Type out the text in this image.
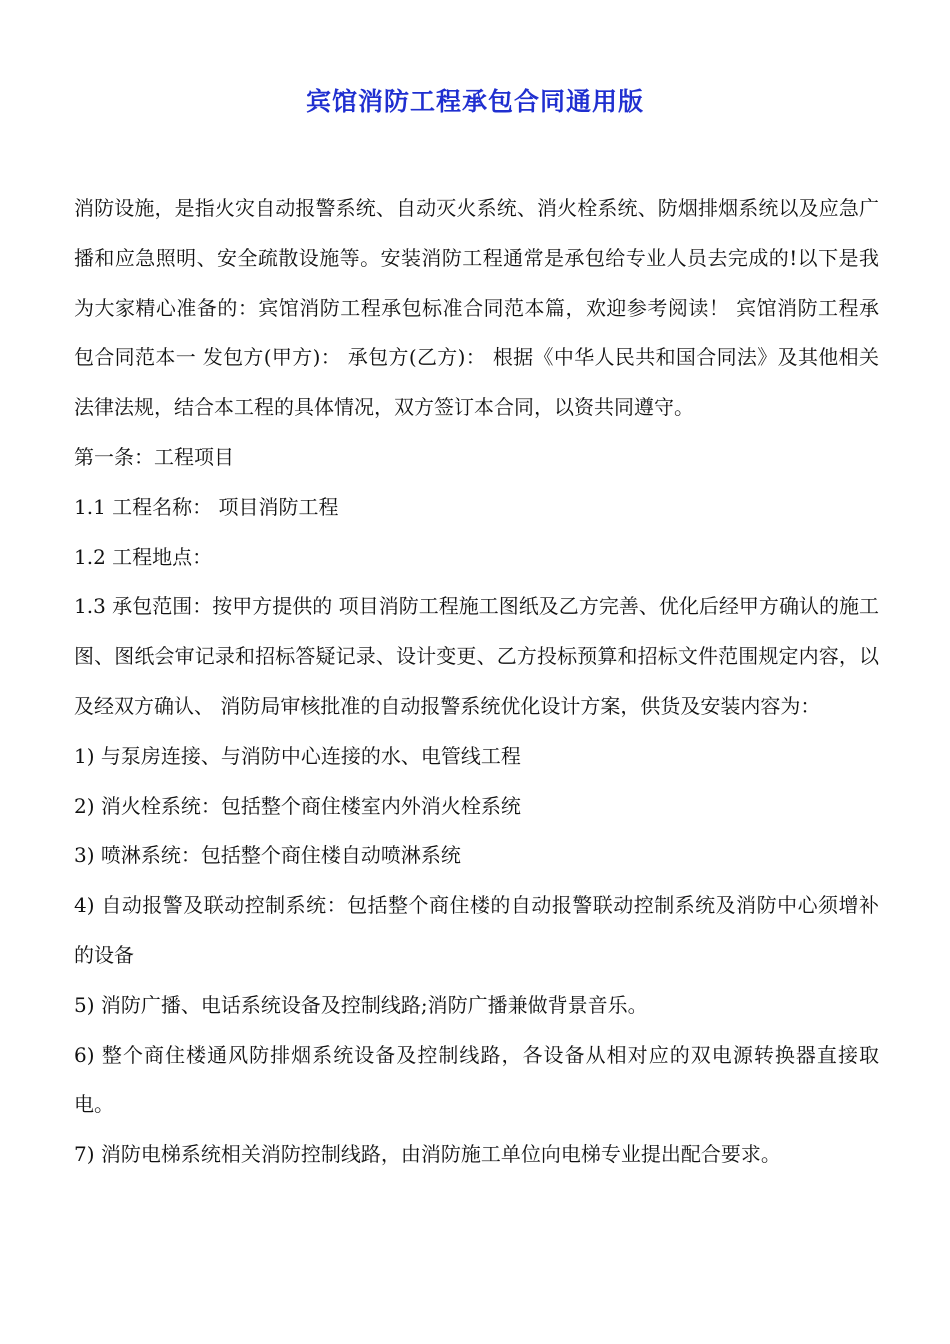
宾馆消防工程承包合同通用版

消防设施，是指火灾自动报警系统、自动灭火系统、消火栓系统、防烟排烟系统以及应急广播和应急照明、安全疏散设施等。安装消防工程通常是承包给专业人员去完成的!以下是我为大家精心准备的：宾馆消防工程承包标准合同范本篇，欢迎参考阅读！ 宾馆消防工程承包合同范本一 发包方(甲方)： 承包方(乙方)： 根据《中华人民共和国合同法》及其他相关法律法规，结合本工程的具体情况，双方签订本合同，以资共同遵守。

第一条：工程项目

1.1 工程名称： 项目消防工程

1.2 工程地点：

1.3 承包范围：按甲方提供的 项目消防工程施工图纸及乙方完善、优化后经甲方确认的施工图、图纸会审记录和招标答疑记录、设计变更、乙方投标预算和招标文件范围规定内容，以及经双方确认、 消防局审核批准的自动报警系统优化设计方案，供货及安装内容为：

1) 与泵房连接、与消防中心连接的水、电管线工程

2) 消火栓系统：包括整个商住楼室内外消火栓系统

3) 喷淋系统：包括整个商住楼自动喷淋系统

4) 自动报警及联动控制系统：包括整个商住楼的自动报警联动控制系统及消防中心须增补的设备

5) 消防广播、电话系统设备及控制线路;消防广播兼做背景音乐。

6) 整个商住楼通风防排烟系统设备及控制线路，各设备从相对应的双电源转换器直接取电。

7) 消防电梯系统相关消防控制线路，由消防施工单位向电梯专业提出配合要求。
